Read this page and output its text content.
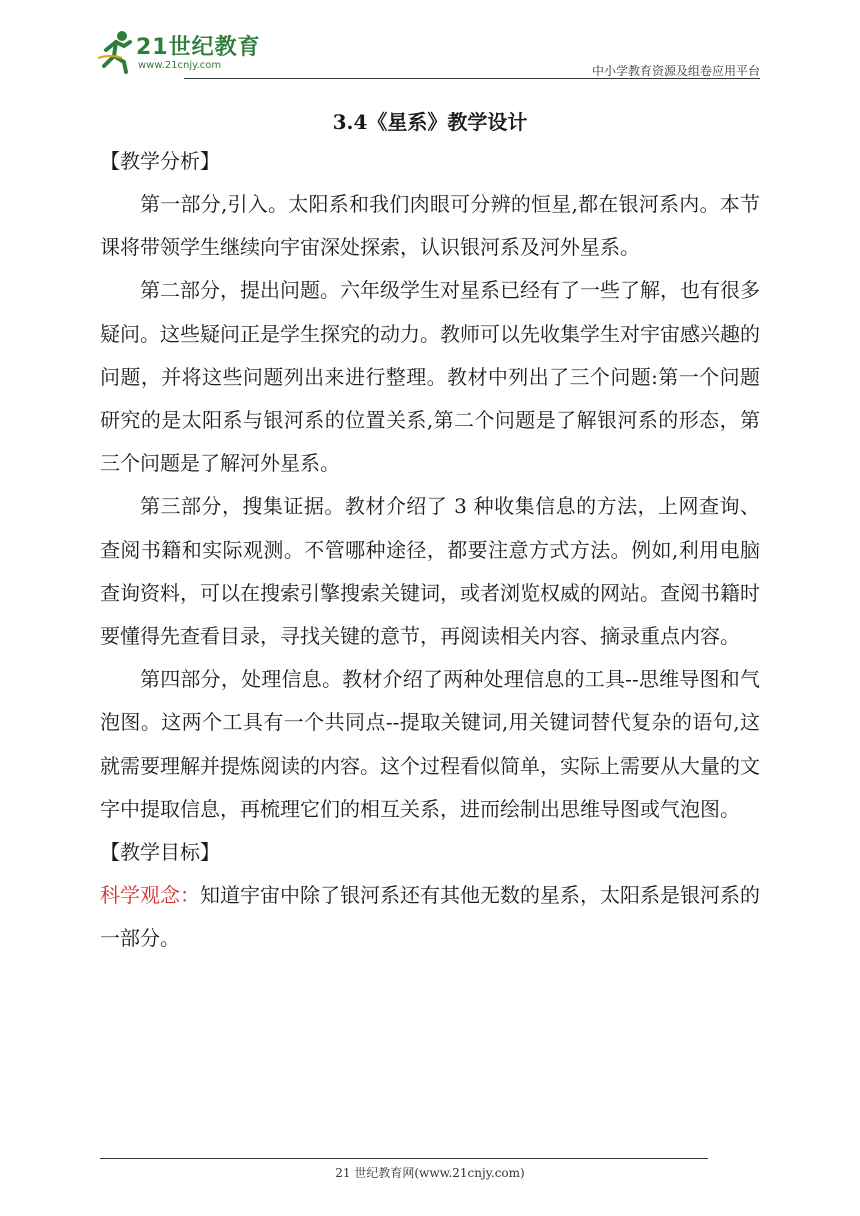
21世纪教育
www.21cnjy.com	中小学教育资源及组卷应用平台
3.4《星系》教学设计
【教学分析】

第一部分,引入。太阳系和我们肉眼可分辨的恒星,都在银河系内。本节课将带领学生继续向宇宙深处探索，认识银河系及河外星系。

第二部分，提出问题。六年级学生对星系已经有了一些了解，也有很多疑问。这些疑问正是学生探究的动力。教师可以先收集学生对宇宙感兴趣的问题，并将这些问题列出来进行整理。教材中列出了三个问题:第一个问题研究的是太阳系与银河系的位置关系,第二个问题是了解银河系的形态，第三个问题是了解河外星系。

第三部分，搜集证据。教材介绍了 3 种收集信息的方法，上网查询、查阅书籍和实际观测。不管哪种途径，都要注意方式方法。例如,利用电脑查询资料，可以在搜索引擎搜索关键词，或者浏览权威的网站。查阅书籍时要懂得先查看目录，寻找关键的意节，再阅读相关内容、摘录重点内容。

第四部分，处理信息。教材介绍了两种处理信息的工具--思维导图和气泡图。这两个工具有一个共同点--提取关键词,用关键词替代复杂的语句,这就需要理解并提炼阅读的内容。这个过程看似简单，实际上需要从大量的文字中提取信息，再梳理它们的相互关系，进而绘制出思维导图或气泡图。

【教学目标】

科学观念：知道宇宙中除了银河系还有其他无数的星系，太阳系是银河系的一部分。

21 世纪教育网(www.21cnjy.com)
